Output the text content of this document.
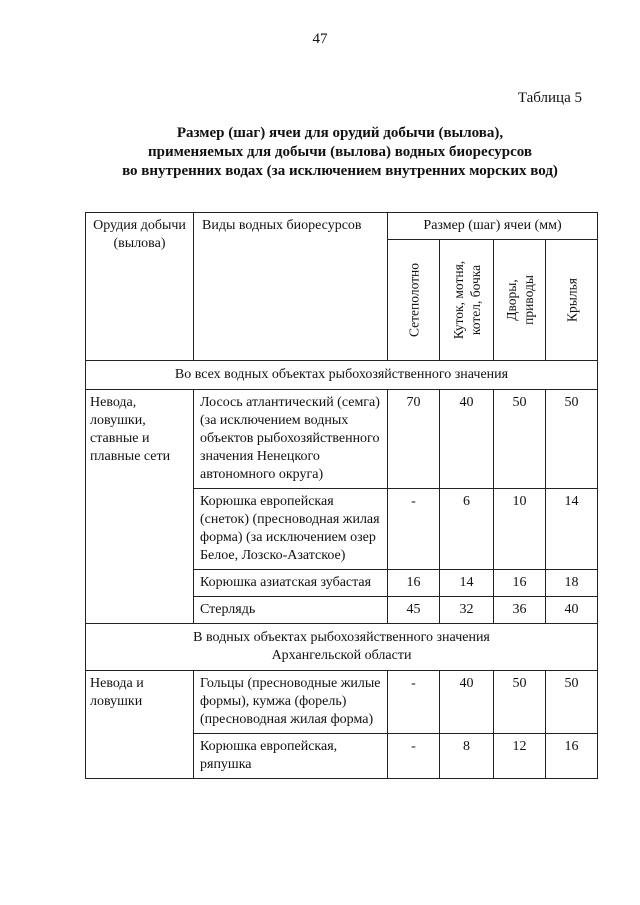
47
Таблица 5
Размер (шаг) ячеи для орудий добычи (вылова),
применяемых для добычи (вылова) водных биоресурсов
во внутренних водах (за исключением внутренних морских вод)
Орудия добычи (вылова)	Виды водных биоресурсов	Размер (шаг) ячеи (мм)			

		Сетеполотно	Куток, мотня, котел, бочка	Дворы, приводы	Крылья

Во всех водных объектах рыбохозяйственного значения					
Невода, ловушки, ставные и плавные сети	Лосось атлантический (семга) (за исключением водных объектов рыбохозяйственного значения Ненецкого автономного округа)	70	40	50	50
	Корюшка европейская (снеток) (пресноводная жилая форма) (за исключением озер Белое, Лозско-Азатское)	-	6	10	14
	Корюшка азиатская зубастая	16	14	16	18
	Стерлядь	45	32	36	40

В водных объектах рыбохозяйственного значения
Архангельской области					

Невода и ловушки	Гольцы (пресноводные жилые формы), кумжа (форель) (пресноводная жилая форма)	-	40	50	50
	Корюшка европейская, ряпушка	-	8	12	16
